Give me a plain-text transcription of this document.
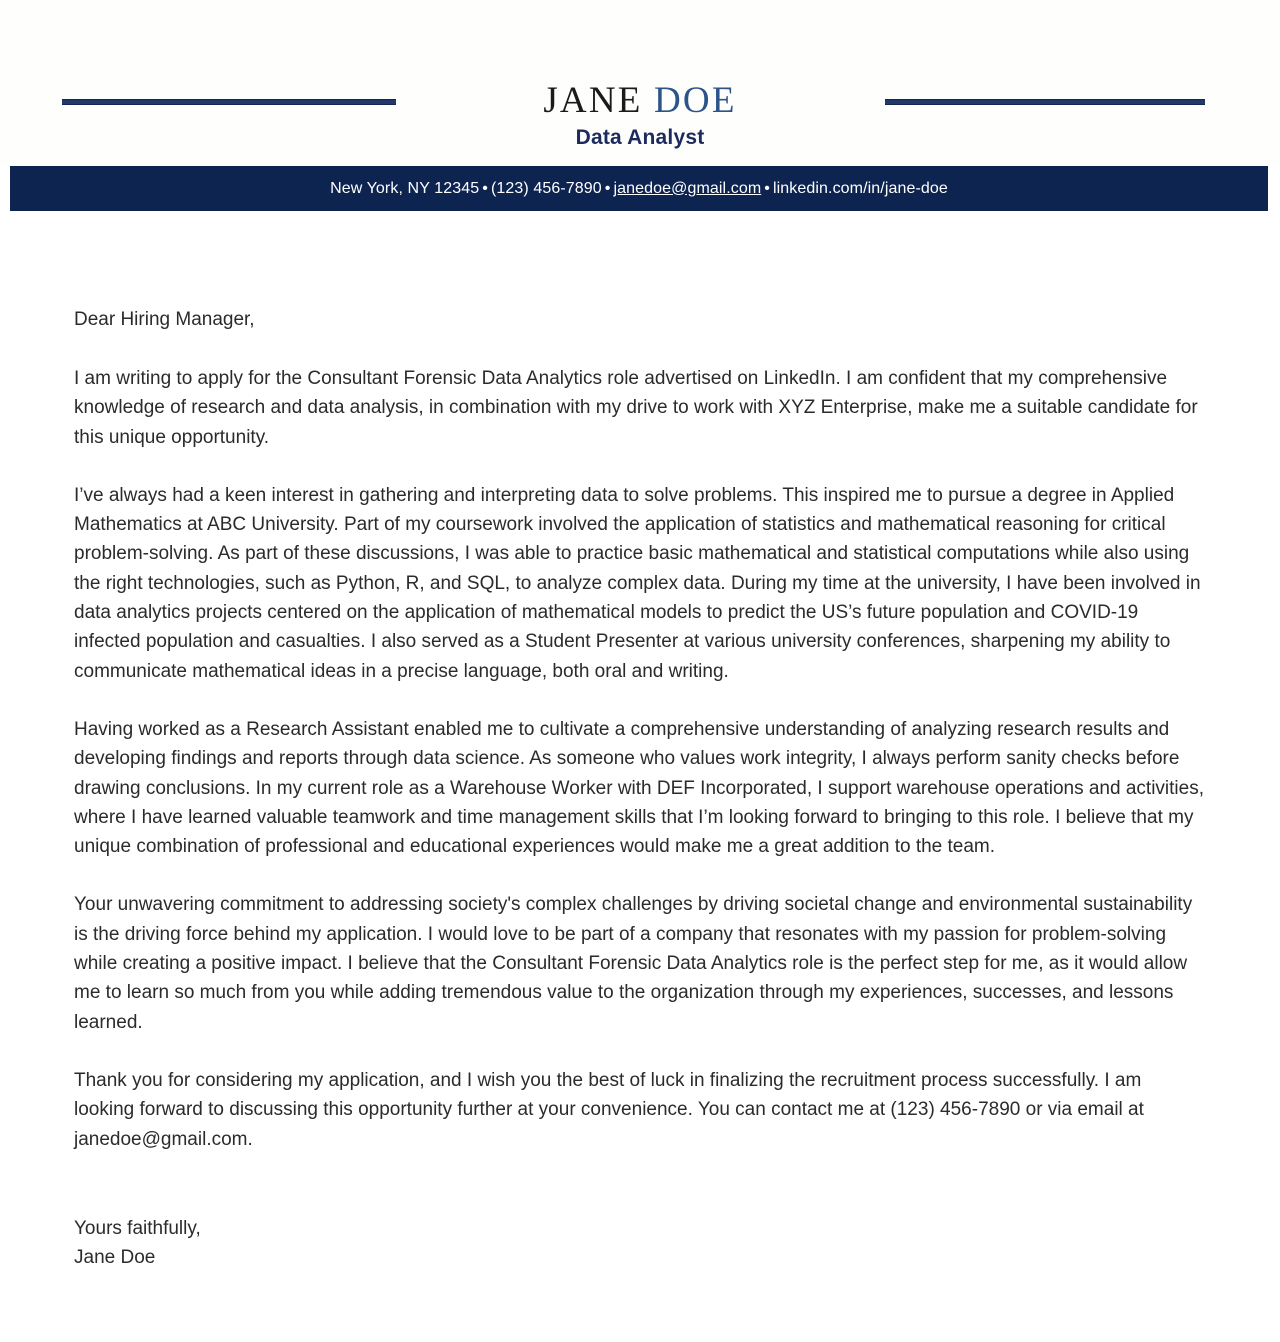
JANE DOE
Data Analyst
New York, NY 12345 • (123) 456-7890 • janedoe@gmail.com • linkedin.com/in/jane-doe

Dear Hiring Manager,

I am writing to apply for the Consultant Forensic Data Analytics role advertised on LinkedIn. I am confident that my comprehensive knowledge of research and data analysis, in combination with my drive to work with XYZ Enterprise, make me a suitable candidate for this unique opportunity.

I’ve always had a keen interest in gathering and interpreting data to solve problems. This inspired me to pursue a degree in Applied Mathematics at ABC University. Part of my coursework involved the application of statistics and mathematical reasoning for critical problem-solving. As part of these discussions, I was able to practice basic mathematical and statistical computations while also using the right technologies, such as Python, R, and SQL, to analyze complex data. During my time at the university, I have been involved in data analytics projects centered on the application of mathematical models to predict the US’s future population and COVID-19 infected population and casualties. I also served as a Student Presenter at various university conferences, sharpening my ability to communicate mathematical ideas in a precise language, both oral and writing.

Having worked as a Research Assistant enabled me to cultivate a comprehensive understanding of analyzing research results and developing findings and reports through data science. As someone who values work integrity, I always perform sanity checks before drawing conclusions. In my current role as a Warehouse Worker with DEF Incorporated, I support warehouse operations and activities, where I have learned valuable teamwork and time management skills that I’m looking forward to bringing to this role. I believe that my unique combination of professional and educational experiences would make me a great addition to the team.

Your unwavering commitment to addressing society's complex challenges by driving societal change and environmental sustainability is the driving force behind my application. I would love to be part of a company that resonates with my passion for problem-solving while creating a positive impact. I believe that the Consultant Forensic Data Analytics role is the perfect step for me, as it would allow me to learn so much from you while adding tremendous value to the organization through my experiences, successes, and lessons learned.

Thank you for considering my application, and I wish you the best of luck in finalizing the recruitment process successfully. I am looking forward to discussing this opportunity further at your convenience. You can contact me at (123) 456-7890 or via email at janedoe@gmail.com.

Yours faithfully,
Jane Doe
